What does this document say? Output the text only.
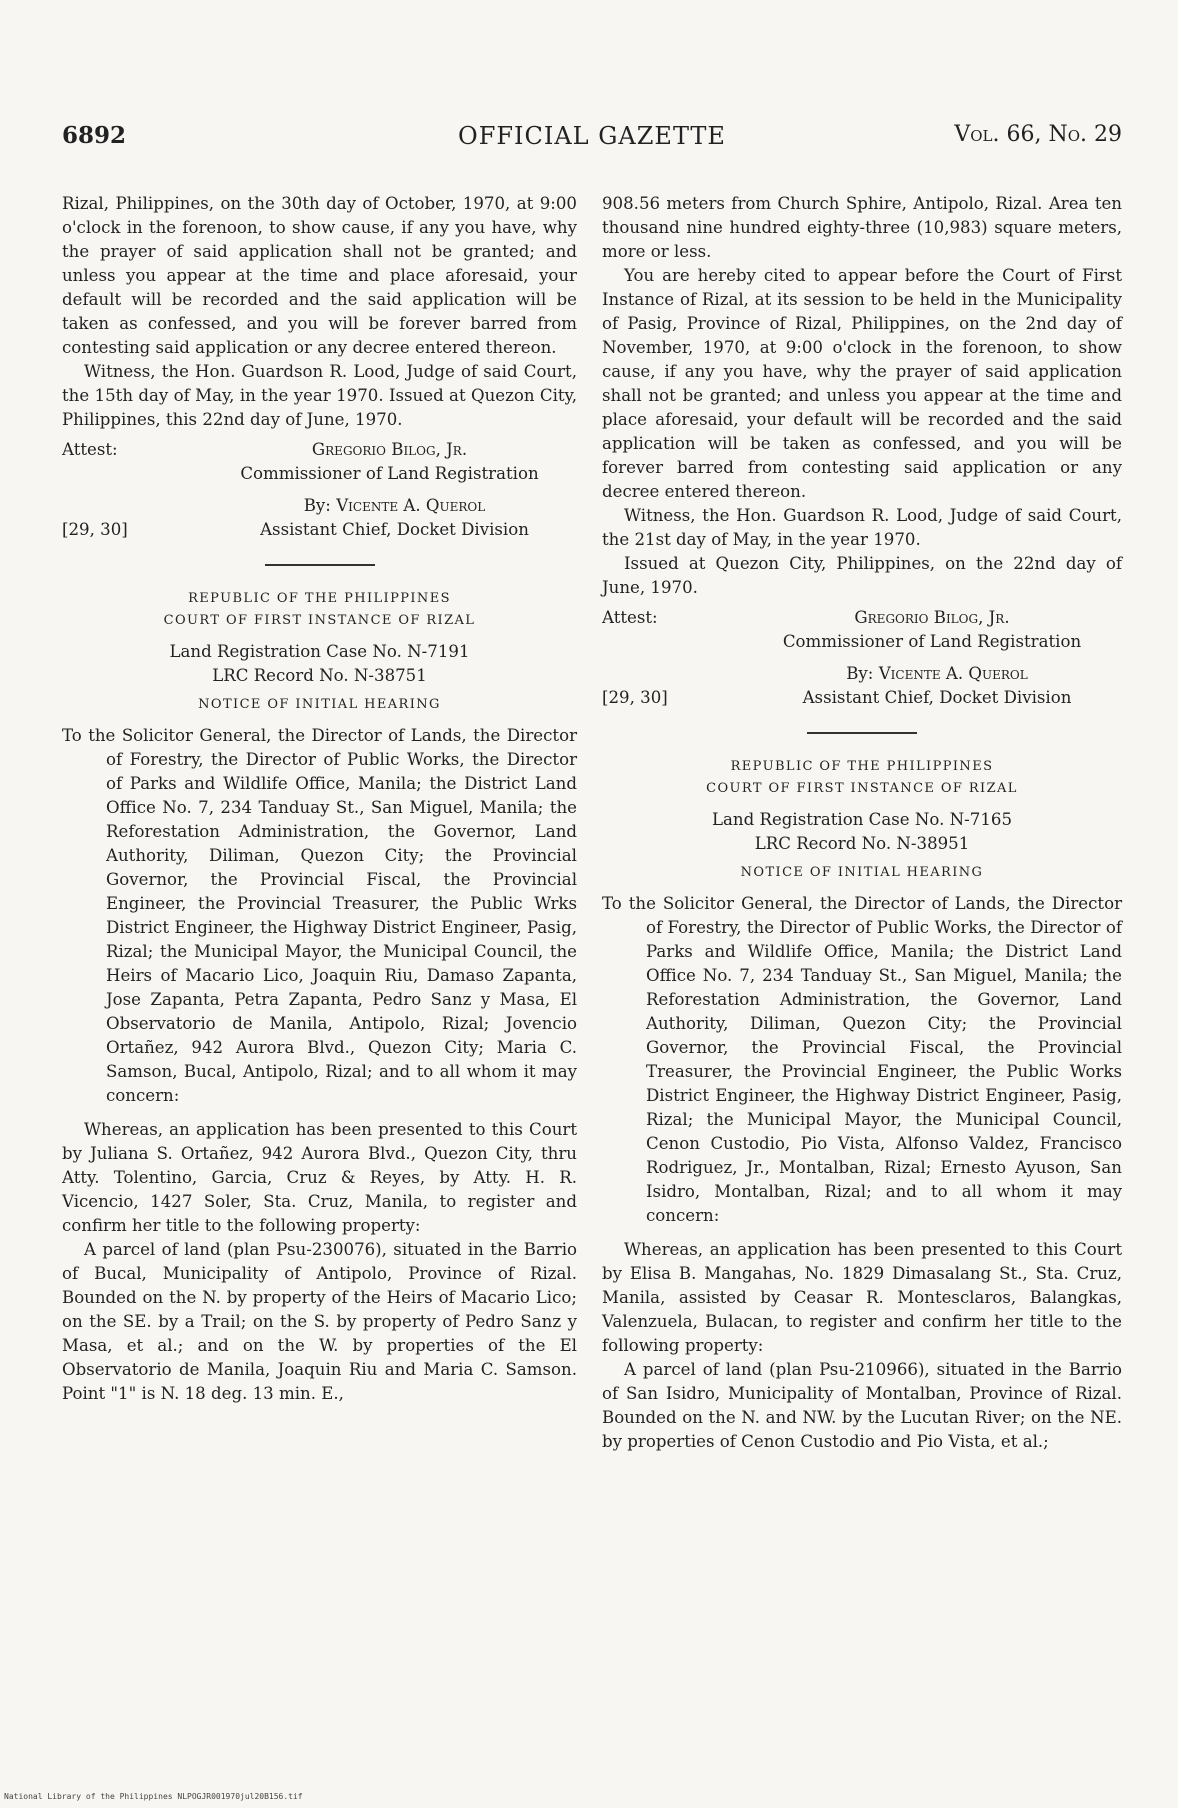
6892	OFFICIAL GAZETTE	Vol. 66, No. 29

Rizal, Philippines, on the 30th day of October, 1970, at 9:00 o'clock in the forenoon, to show cause, if any you have, why the prayer of said application shall not be granted; and unless you appear at the time and place aforesaid, your default will be recorded and the said application will be taken as confessed, and you will be forever barred from contesting said application or any decree entered thereon.

Witness, the Hon. Guardson R. Lood, Judge of said Court, the 15th day of May, in the year 1970. Issued at Quezon City, Philippines, this 22nd day of June, 1970.

Attest:	Gregorio Bilog, Jr.
Commissioner of Land Registration
[29, 30]
By: Vicente A. Querol
Assistant Chief, Docket Division
REPUBLIC OF THE PHILIPPINES
COURT OF FIRST INSTANCE OF RIZAL
Land Registration Case No. N-7191
LRC Record No. N-38751
NOTICE OF INITIAL HEARING

To the Solicitor General, the Director of Lands, the Director of Forestry, the Director of Public Works, the Director of Parks and Wildlife Office, Manila; the District Land Office No. 7, 234 Tanduay St., San Miguel, Manila; the Reforestation Administration, the Governor, Land Authority, Diliman, Quezon City; the Provincial Governor, the Provincial Fiscal, the Provincial Engineer, the Provincial Treasurer, the Public Wrks District Engineer, the Highway District Engineer, Pasig, Rizal; the Municipal Mayor, the Municipal Council, the Heirs of Macario Lico, Joaquin Riu, Damaso Zapanta, Jose Zapanta, Petra Zapanta, Pedro Sanz y Masa, El Observatorio de Manila, Antipolo, Rizal; Jovencio Ortañez, 942 Aurora Blvd., Quezon City; Maria C. Samson, Bucal, Antipolo, Rizal; and to all whom it may concern:

Whereas, an application has been presented to this Court by Juliana S. Ortañez, 942 Aurora Blvd., Quezon City, thru Atty. Tolentino, Garcia, Cruz & Reyes, by Atty. H. R. Vicencio, 1427 Soler, Sta. Cruz, Manila, to register and confirm her title to the following property:

A parcel of land (plan Psu-230076), situated in the Barrio of Bucal, Municipality of Antipolo, Province of Rizal. Bounded on the N. by property of the Heirs of Macario Lico; on the SE. by a Trail; on the S. by property of Pedro Sanz y Masa, et al.; and on the W. by properties of the El Observatorio de Manila, Joaquin Riu and Maria C. Samson. Point "1" is N. 18 deg. 13 min. E.,

908.56 meters from Church Sphire, Antipolo, Rizal. Area ten thousand nine hundred eighty-three (10,983) square meters, more or less.

You are hereby cited to appear before the Court of First Instance of Rizal, at its session to be held in the Municipality of Pasig, Province of Rizal, Philippines, on the 2nd day of November, 1970, at 9:00 o'clock in the forenoon, to show cause, if any you have, why the prayer of said application shall not be granted; and unless you appear at the time and place aforesaid, your default will be recorded and the said application will be taken as confessed, and you will be forever barred from contesting said application or any decree entered thereon.

Witness, the Hon. Guardson R. Lood, Judge of said Court, the 21st day of May, in the year 1970.

Issued at Quezon City, Philippines, on the 22nd day of June, 1970.

Attest:	Gregorio Bilog, Jr.
Commissioner of Land Registration
[29, 30]
By: Vicente A. Querol
Assistant Chief, Docket Division
REPUBLIC OF THE PHILIPPINES
COURT OF FIRST INSTANCE OF RIZAL
Land Registration Case No. N-7165
LRC Record No. N-38951
NOTICE OF INITIAL HEARING

To the Solicitor General, the Director of Lands, the Director of Forestry, the Director of Public Works, the Director of Parks and Wildlife Office, Manila; the District Land Office No. 7, 234 Tanduay St., San Miguel, Manila; the Reforestation Administration, the Governor, Land Authority, Diliman, Quezon City; the Provincial Governor, the Provincial Fiscal, the Provincial Treasurer, the Provincial Engineer, the Public Works District Engineer, the Highway District Engineer, Pasig, Rizal; the Municipal Mayor, the Municipal Council, Cenon Custodio, Pio Vista, Alfonso Valdez, Francisco Rodriguez, Jr., Montalban, Rizal; Ernesto Ayuson, San Isidro, Montalban, Rizal; and to all whom it may concern:

Whereas, an application has been presented to this Court by Elisa B. Mangahas, No. 1829 Dimasalang St., Sta. Cruz, Manila, assisted by Ceasar R. Montesclaros, Balangkas, Valenzuela, Bulacan, to register and confirm her title to the following property:

A parcel of land (plan Psu-210966), situated in the Barrio of San Isidro, Municipality of Montalban, Province of Rizal. Bounded on the N. and NW. by the Lucutan River; on the NE. by properties of Cenon Custodio and Pio Vista, et al.;

National Library of the Philippines NLPOGJR001970jul20B156.tif
